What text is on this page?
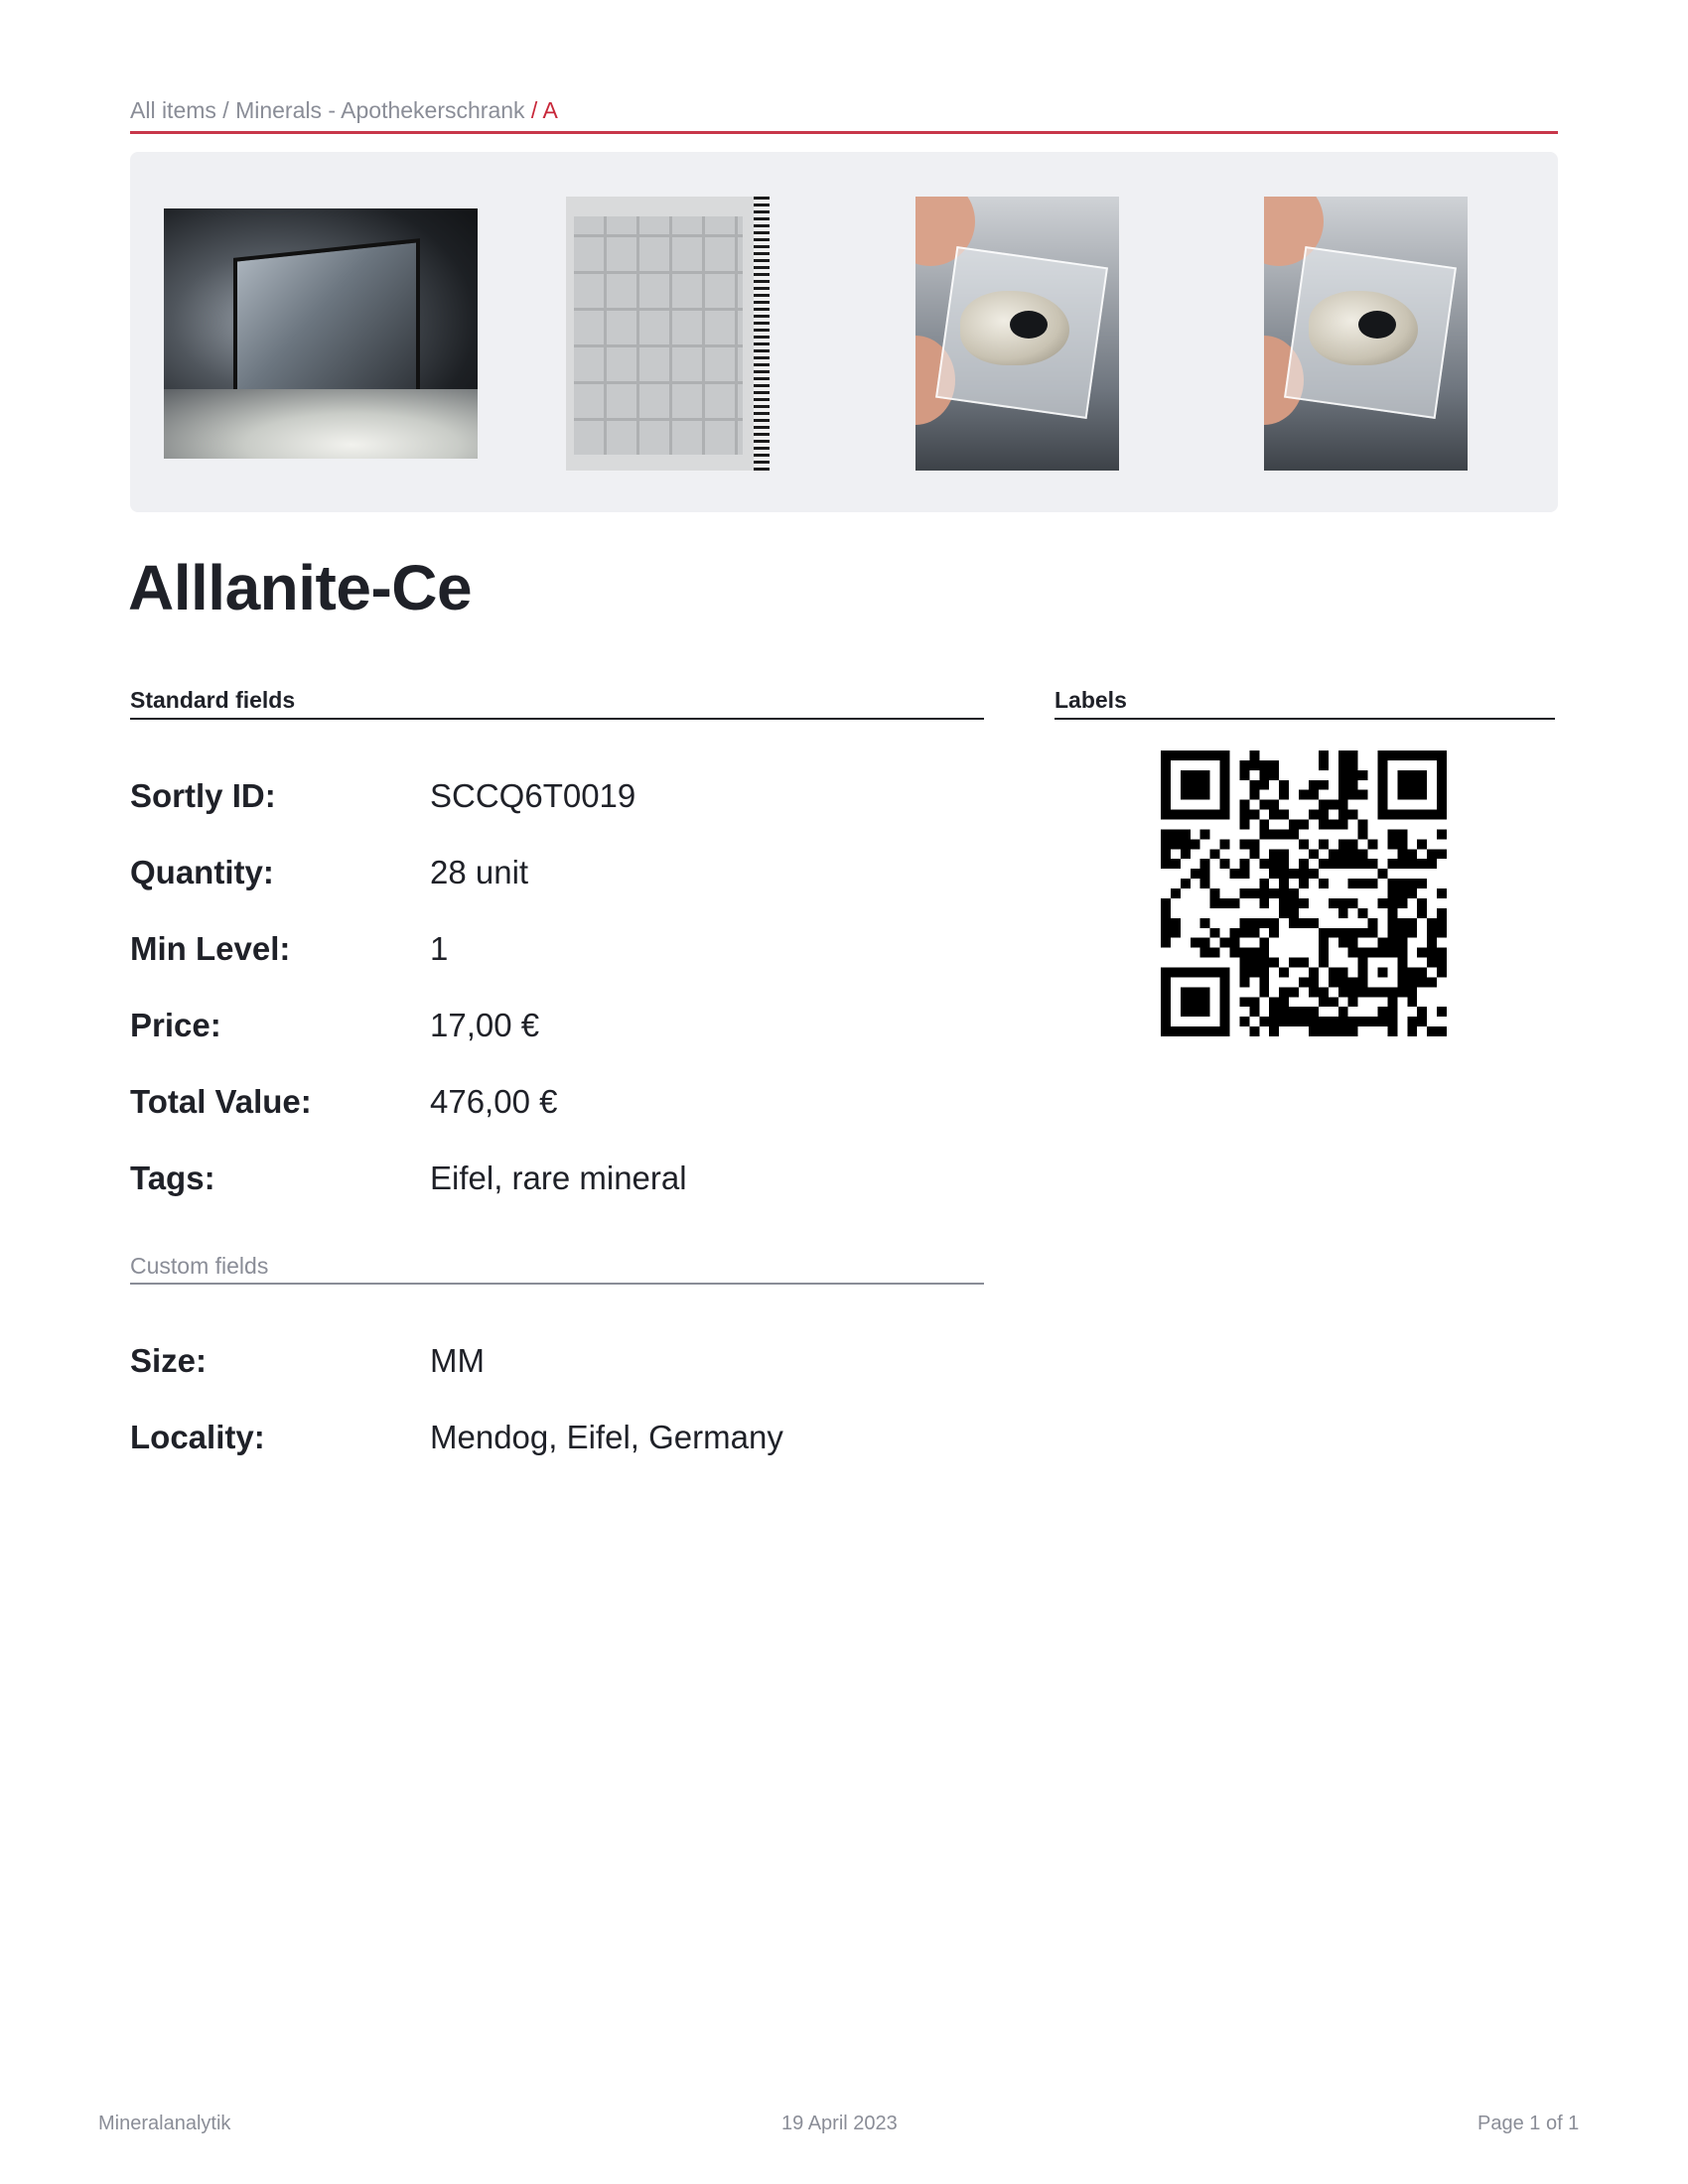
All items / Minerals - Apothekerschrank / A
Alllanite-Ce
Standard fields
Sortly ID:	SCCQ6T0019
Quantity:	28 unit
Min Level:	1
Price:	17,00 €
Total Value:	476,00 €
Tags:	Eifel, rare mineral
Custom fields
Size:	MM
Locality:	Mendog, Eifel, Germany
Labels
Mineralanalytik	19 April 2023	Page 1 of 1
